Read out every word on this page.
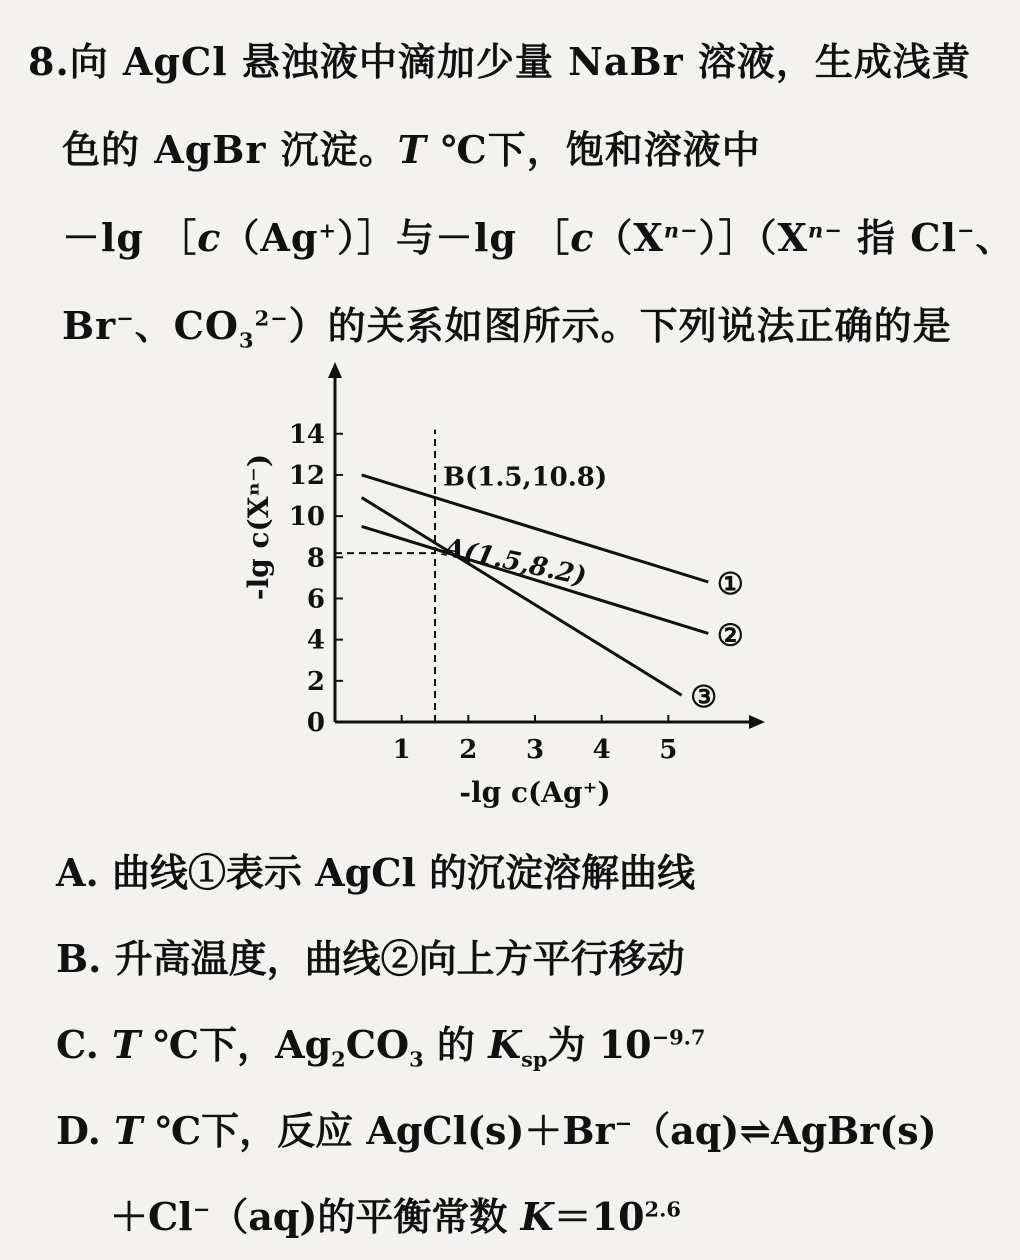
8.向 AgCl 悬浊液中滴加少量 NaBr 溶液，生成浅黄
色的 AgBr 沉淀。T ℃下，饱和溶液中
－lg ［c（Ag+）］与－lg $[c(X^{n-})](X^{n-}$ 指 Cl−、
Br−、$CO_3^{2-}$）的关系如图所示。下列说法正确的是
1 2 3 4 5
0
2
4
6
8
10
12
14
①
②
③
B(1.5,10.8)
A(1.5,8.2)
-lg c(Ag⁺)
-lg c(Xⁿ⁻)
A. 曲线①表示 AgCl 的沉淀溶解曲线
B. 升高温度，曲线②向上方平行移动
C. T ℃下，$Ag_2CO_3$ 的 $K_{sp}$为 $10^{-9.7}$
D. T ℃下，反应 AgCl(s)＋Br−（aq)⇌AgBr(s)
＋Cl−（aq)的平衡常数 $K=10^{2.6}$
